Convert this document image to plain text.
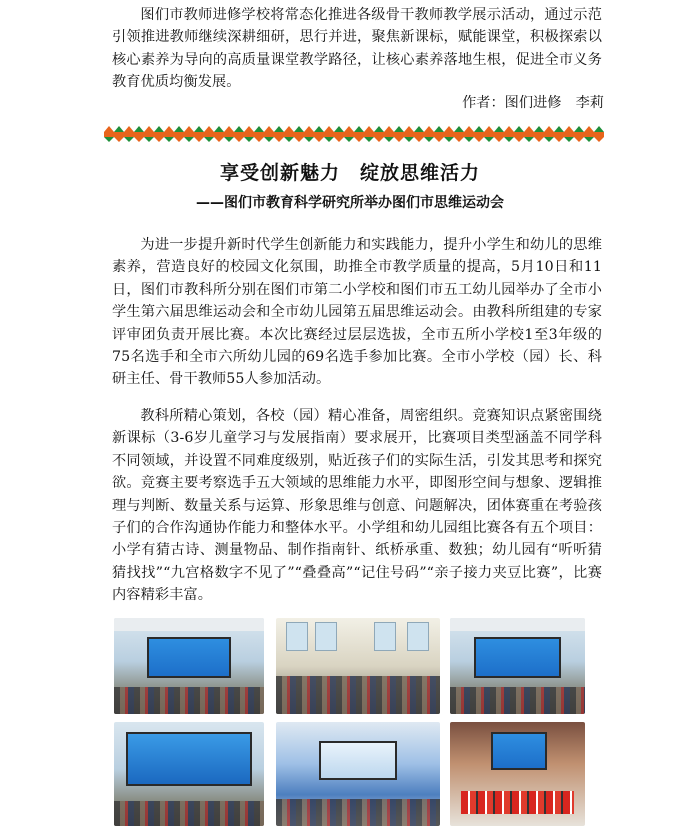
图们市教师进修学校将常态化推进各级骨干教师教学展示活动，通过示范引领推进教师继续深耕细研，思行并进，聚焦新课标，赋能课堂，积极探索以核心素养为导向的高质量课堂教学路径，让核心素养落地生根，促进全市义务教育优质均衡发展。

作者：图们进修　李莉

享受创新魅力　绽放思维活力
——图们市教育科学研究所举办图们市思维运动会

为进一步提升新时代学生创新能力和实践能力，提升小学生和幼儿的思维素养，营造良好的校园文化氛围，助推全市教学质量的提高，5月10日和11日，图们市教科所分别在图们市第二小学校和图们市五工幼儿园举办了全市小学生第六届思维运动会和全市幼儿园第五届思维运动会。由教科所组建的专家评审团负责开展比赛。本次比赛经过层层选拔，全市五所小学校1至3年级的75名选手和全市六所幼儿园的69名选手参加比赛。全市小学校（园）长、科研主任、骨干教师55人参加活动。

教科所精心策划，各校（园）精心准备，周密组织。竞赛知识点紧密围绕新课标（3-6岁儿童学习与发展指南）要求展开，比赛项目类型涵盖不同学科不同领域，并设置不同难度级别，贴近孩子们的实际生活，引发其思考和探究欲。竞赛主要考察选手五大领域的思维能力水平，即图形空间与想象、逻辑推理与判断、数量关系与运算、形象思维与创意、问题解决，团体赛重在考验孩子们的合作沟通协作能力和整体水平。小学组和幼儿园组比赛各有五个项目：小学有猜古诗、测量物品、制作指南针、纸桥承重、数独；幼儿园有“听听猜猜找找”“九宫格数字不见了”“叠叠高”“记住号码”“亲子接力夹豆比赛”，比赛内容精彩丰富。
